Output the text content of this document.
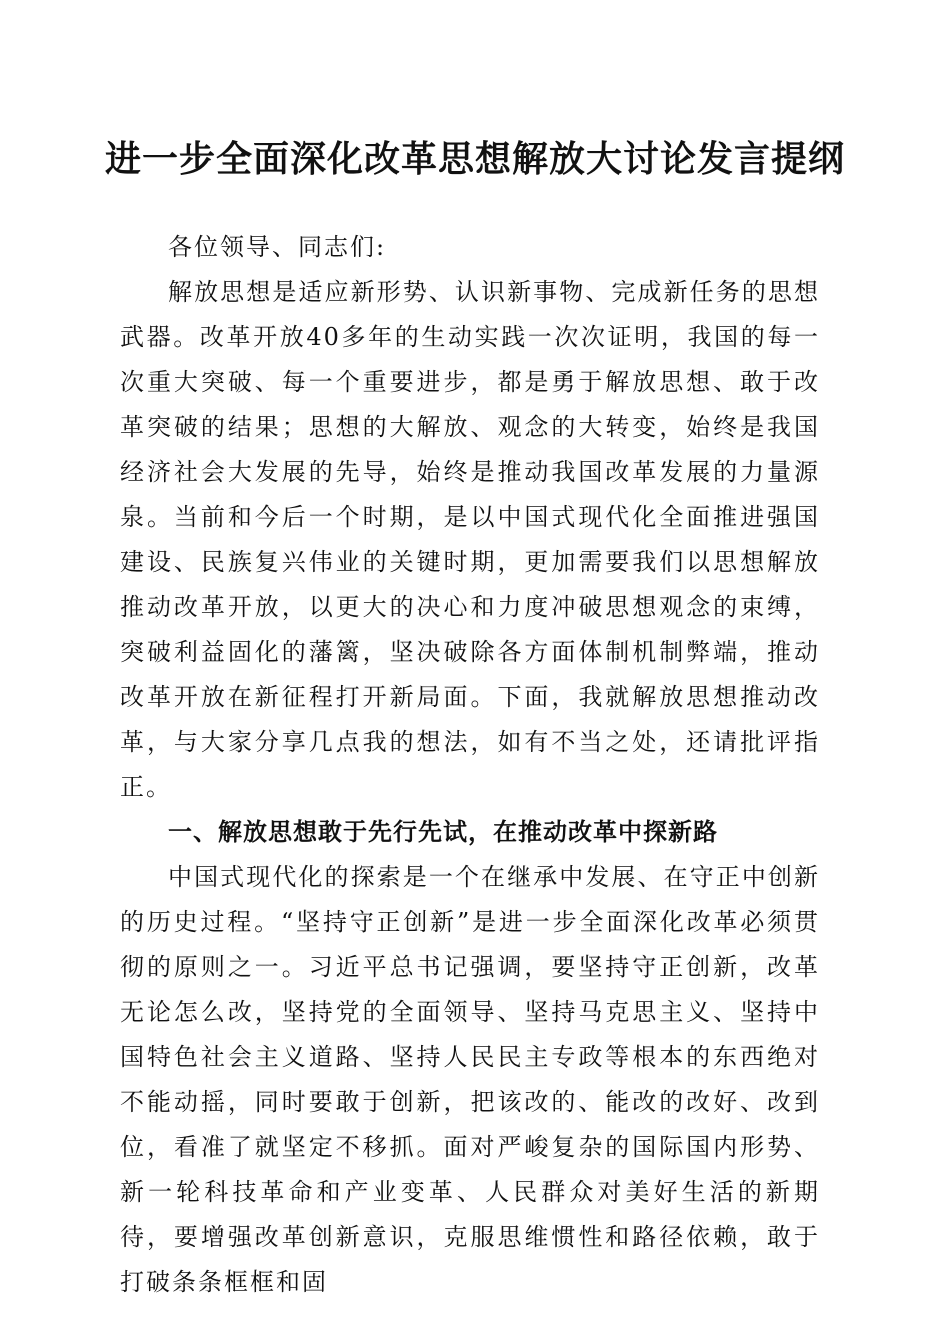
进一步全面深化改革思想解放大讨论发言提纲

各位领导、同志们:

解放思想是适应新形势、认识新事物、完成新任务的思想武器。改革开放40多年的生动实践一次次证明，我国的每一次重大突破、每一个重要进步，都是勇于解放思想、敢于改革突破的结果；思想的大解放、观念的大转变，始终是我国经济社会大发展的先导，始终是推动我国改革发展的力量源泉。当前和今后一个时期，是以中国式现代化全面推进强国建设、民族复兴伟业的关键时期，更加需要我们以思想解放推动改革开放，以更大的决心和力度冲破思想观念的束缚，突破利益固化的藩篱，坚决破除各方面体制机制弊端，推动改革开放在新征程打开新局面。下面，我就解放思想推动改革，与大家分享几点我的想法，如有不当之处，还请批评指正。

一、解放思想敢于先行先试，在推动改革中探新路

中国式现代化的探索是一个在继承中发展、在守正中创新的历史过程。“坚持守正创新”是进一步全面深化改革必须贯彻的原则之一。习近平总书记强调，要坚持守正创新，改革无论怎么改，坚持党的全面领导、坚持马克思主义、坚持中国特色社会主义道路、坚持人民民主专政等根本的东西绝对不能动摇，同时要敢于创新，把该改的、能改的改好、改到位，看准了就坚定不移抓。面对严峻复杂的国际国内形势、新一轮科技革命和产业变革、人民群众对美好生活的新期待，要增强改革创新意识，克服思维惯性和路径依赖，敢于打破条条框框和固
